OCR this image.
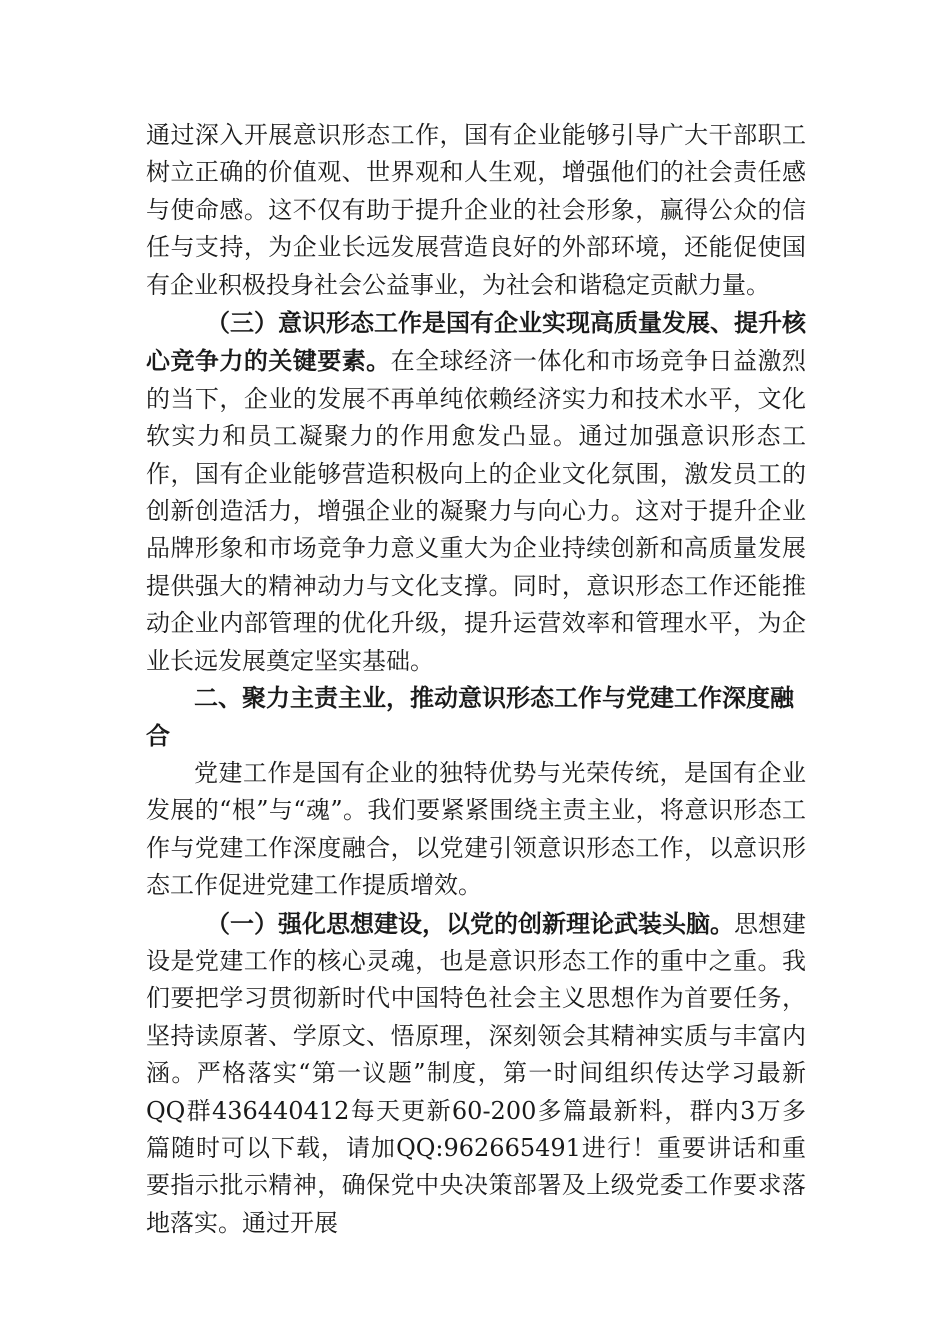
通过深入开展意识形态工作，国有企业能够引导广大干部职工树立正确的价值观、世界观和人生观，增强他们的社会责任感与使命感。这不仅有助于提升企业的社会形象，赢得公众的信任与支持，为企业长远发展营造良好的外部环境，还能促使国有企业积极投身社会公益事业，为社会和谐稳定贡献力量。

（三）意识形态工作是国有企业实现高质量发展、提升核心竞争力的关键要素。在全球经济一体化和市场竞争日益激烈的当下，企业的发展不再单纯依赖经济实力和技术水平，文化软实力和员工凝聚力的作用愈发凸显。通过加强意识形态工作，国有企业能够营造积极向上的企业文化氛围，激发员工的创新创造活力，增强企业的凝聚力与向心力。这对于提升企业品牌形象和市场竞争力意义重大为企业持续创新和高质量发展提供强大的精神动力与文化支撑。同时，意识形态工作还能推动企业内部管理的优化升级，提升运营效率和管理水平，为企业长远发展奠定坚实基础。

二、聚力主责主业，推动意识形态工作与党建工作深度融合

党建工作是国有企业的独特优势与光荣传统，是国有企业发展的“根”与“魂”。我们要紧紧围绕主责主业，将意识形态工作与党建工作深度融合，以党建引领意识形态工作，以意识形态工作促进党建工作提质增效。

（一）强化思想建设，以党的创新理论武装头脑。思想建设是党建工作的核心灵魂，也是意识形态工作的重中之重。我们要把学习贯彻新时代中国特色社会主义思想作为首要任务，坚持读原著、学原文、悟原理，深刻领会其精神实质与丰富内涵。严格落实“第一议题”制度，第一时间组织传达学习最新QQ群436440412每天更新60-200多篇最新料，群内3万多篇随时可以下载，请加QQ:962665491进行！重要讲话和重要指示批示精神，确保党中央决策部署及上级党委工作要求落地落实。通过开展
